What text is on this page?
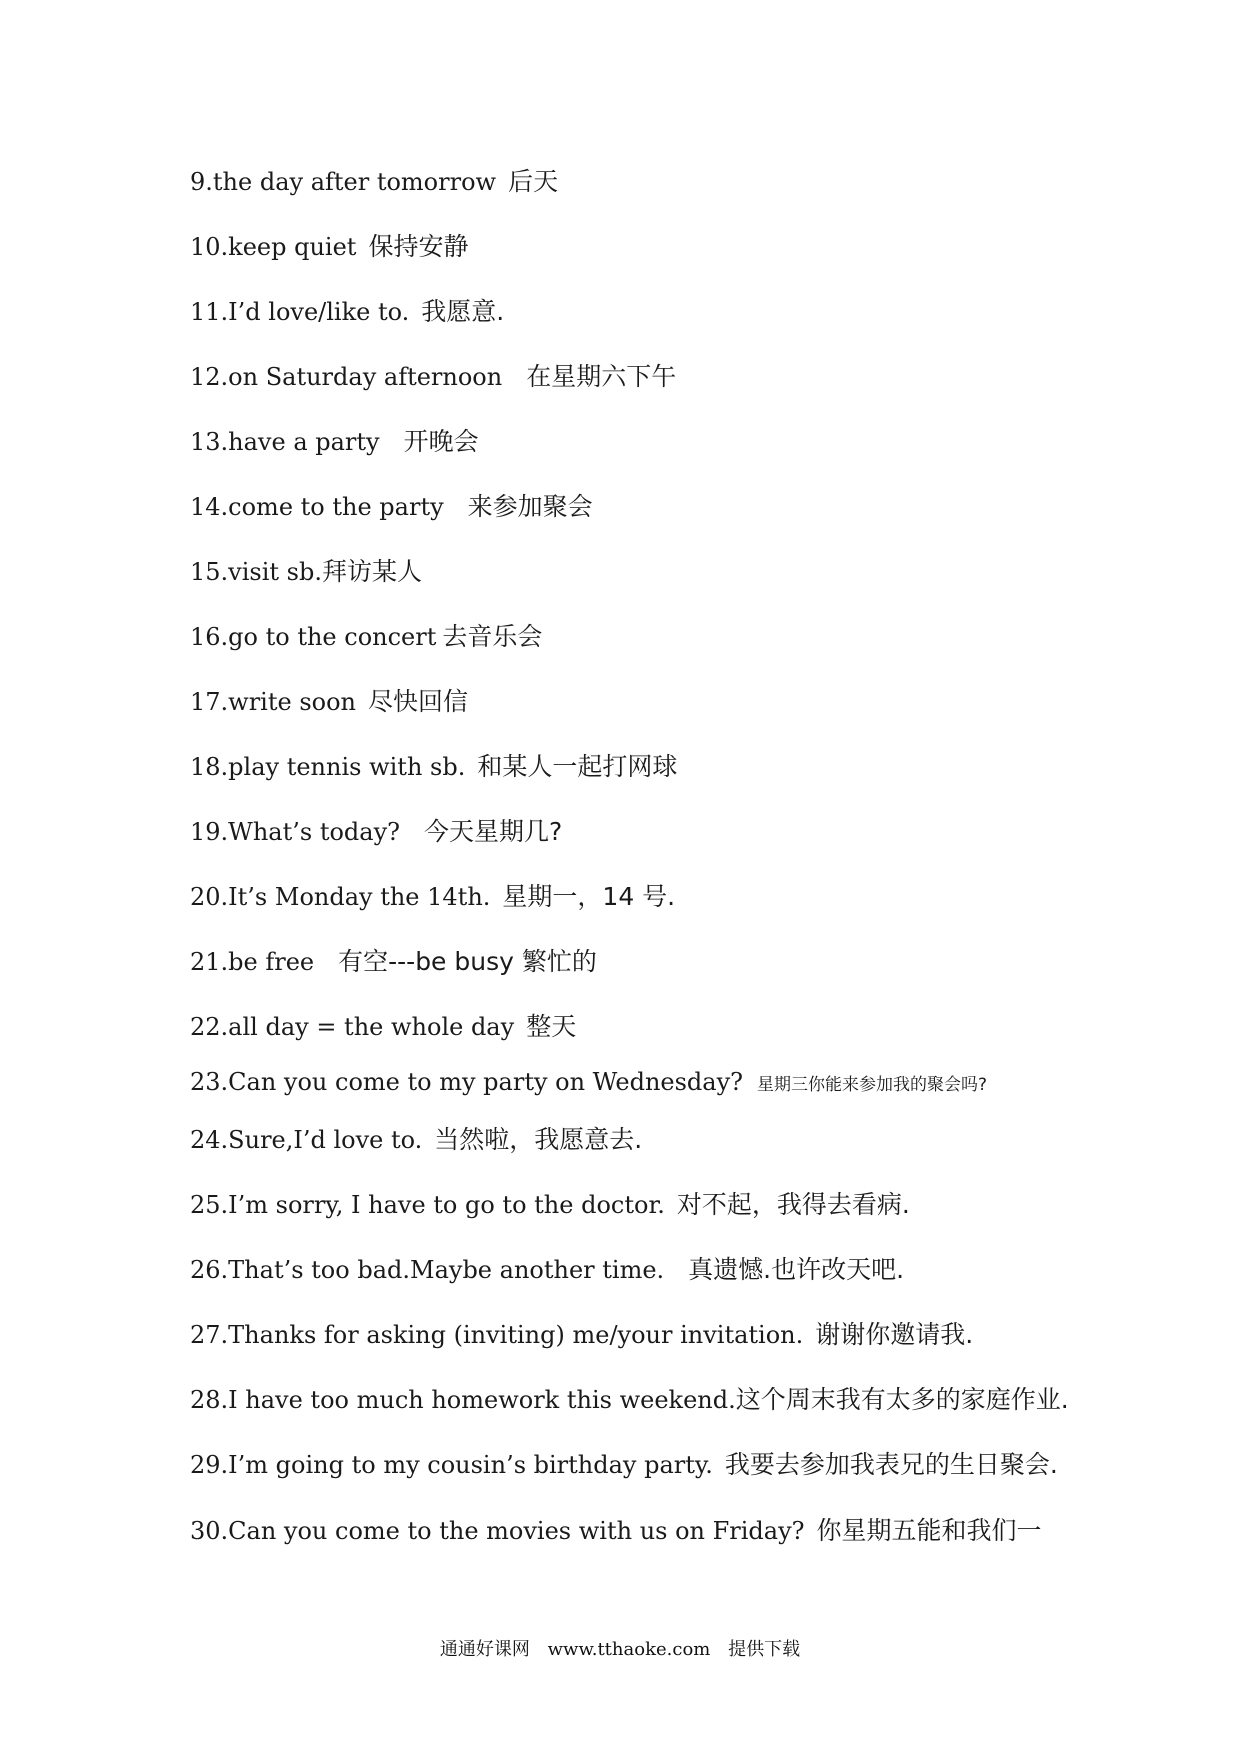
9.the day after tomorrow 后天
10.keep quiet 保持安静
11.I’d love/like to. 我愿意.
12.on Saturday afternoon 在星期六下午
13.have a party 开晚会
14.come to the party 来参加聚会
15.visit sb.拜访某人
16.go to the concert 去音乐会
17.write soon 尽快回信
18.play tennis with sb. 和某人一起打网球
19.What’s today? 今天星期几?
20.It’s Monday the 14th. 星期一，14 号.
21.be free 有空---be busy 繁忙的
22.all day = the whole day 整天
23.Can you come to my party on Wednesday? 星期三你能来参加我的聚会吗?
24.Sure,I’d love to. 当然啦，我愿意去.
25.I’m sorry, I have to go to the doctor. 对不起，我得去看病.
26.That’s too bad.Maybe another time. 真遗憾.也许改天吧.
27.Thanks for asking (inviting) me/your invitation. 谢谢你邀请我.
28.I have too much homework this weekend.这个周末我有太多的家庭作业.
29.I’m going to my cousin’s birthday party. 我要去参加我表兄的生日聚会.
30.Can you come to the movies with us on Friday? 你星期五能和我们一
通通好课网 www.tthaoke.com 提供下载
